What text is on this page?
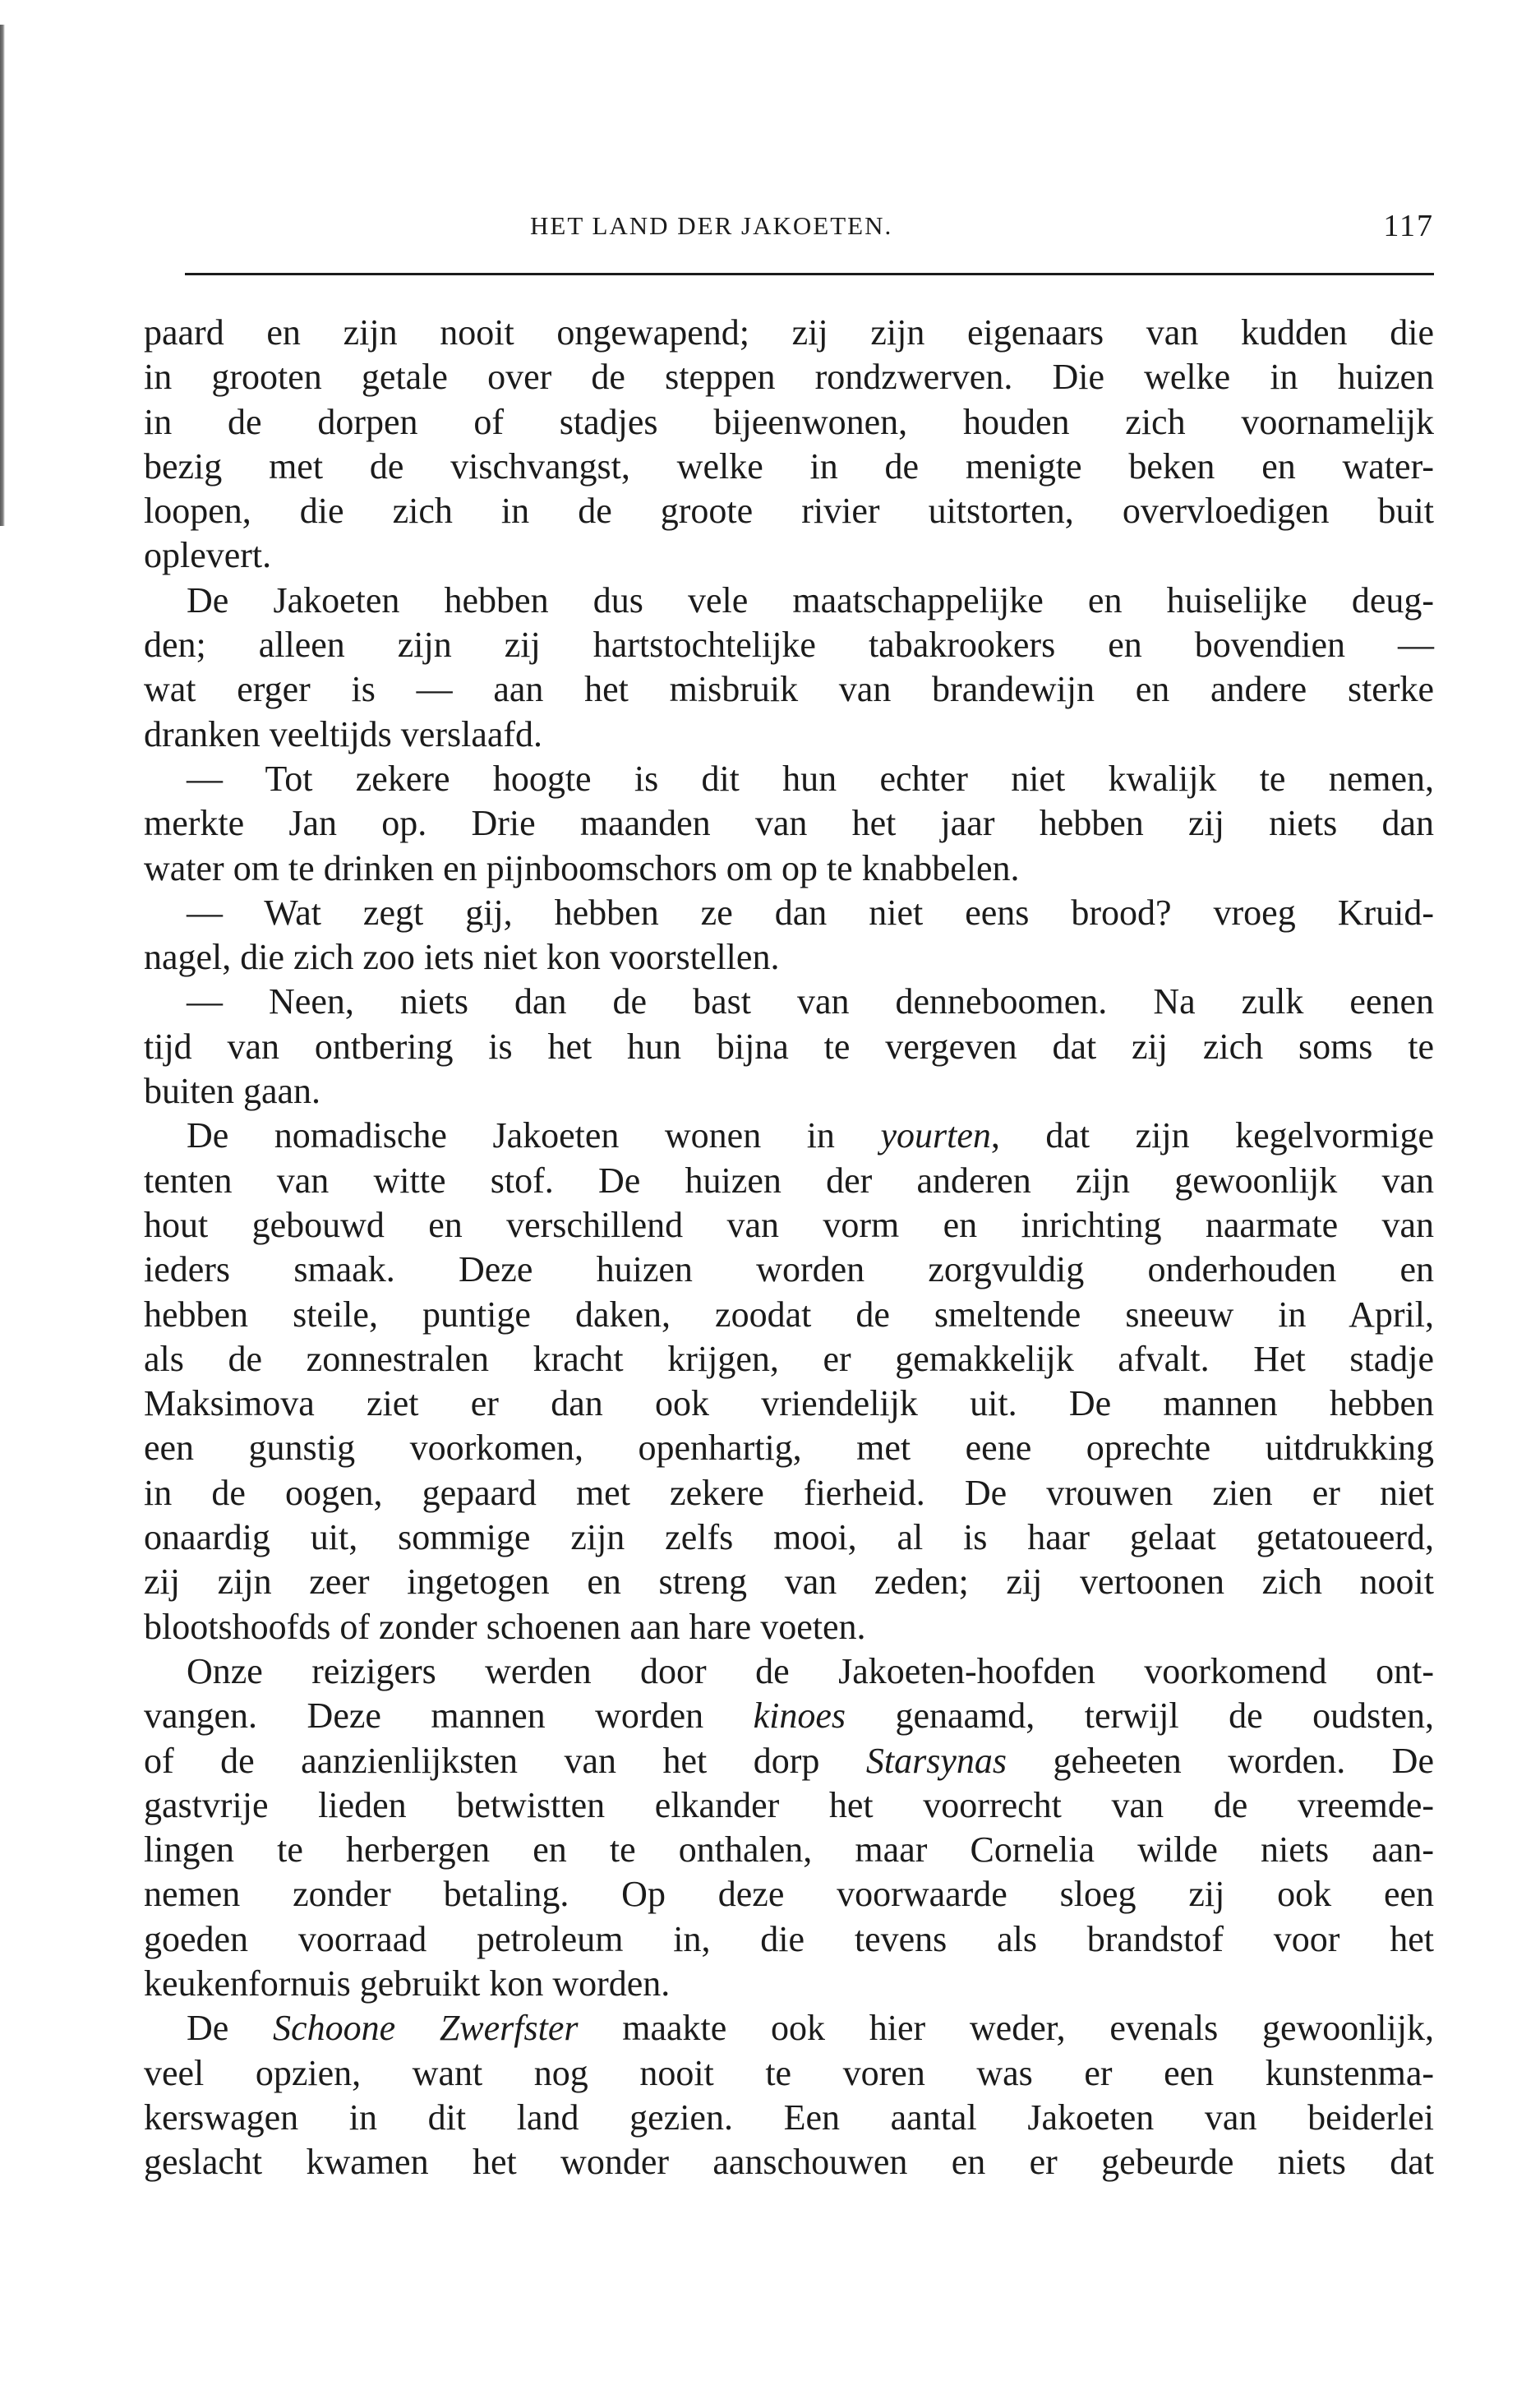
HET LAND DER JAKOETEN.	117
paard en zijn nooit ongewapend; zij zijn eigenaars van kudden die
in grooten getale over de steppen rondzwerven. Die welke in huizen
in de dorpen of stadjes bijeenwonen, houden zich voornamelijk
bezig met de vischvangst, welke in de menigte beken en water-
loopen, die zich in de groote rivier uitstorten, overvloedigen buit
oplevert.
De Jakoeten hebben dus vele maatschappelijke en huiselijke deug-
den; alleen zijn zij hartstochtelijke tabakrookers en bovendien —
wat erger is — aan het misbruik van brandewijn en andere sterke
dranken veeltijds verslaafd.
— Tot zekere hoogte is dit hun echter niet kwalijk te nemen,
merkte Jan op. Drie maanden van het jaar hebben zij niets dan
water om te drinken en pijnboomschors om op te knabbelen.
— Wat zegt gij, hebben ze dan niet eens brood? vroeg Kruid-
nagel, die zich zoo iets niet kon voorstellen.
— Neen, niets dan de bast van denneboomen. Na zulk eenen
tijd van ontbering is het hun bijna te vergeven dat zij zich soms te
buiten gaan.
De nomadische Jakoeten wonen in yourten, dat zijn kegelvormige
tenten van witte stof. De huizen der anderen zijn gewoonlijk van
hout gebouwd en verschillend van vorm en inrichting naarmate van
ieders smaak. Deze huizen worden zorgvuldig onderhouden en
hebben steile, puntige daken, zoodat de smeltende sneeuw in April,
als de zonnestralen kracht krijgen, er gemakkelijk afvalt. Het stadje
Maksimova ziet er dan ook vriendelijk uit. De mannen hebben
een gunstig voorkomen, openhartig, met eene oprechte uitdrukking
in de oogen, gepaard met zekere fierheid. De vrouwen zien er niet
onaardig uit, sommige zijn zelfs mooi, al is haar gelaat getatoueerd,
zij zijn zeer ingetogen en streng van zeden; zij vertoonen zich nooit
blootshoofds of zonder schoenen aan hare voeten.
Onze reizigers werden door de Jakoeten-hoofden voorkomend ont-
vangen. Deze mannen worden kinoes genaamd, terwijl de oudsten,
of de aanzienlijksten van het dorp Starsynas geheeten worden. De
gastvrije lieden betwistten elkander het voorrecht van de vreemde-
lingen te herbergen en te onthalen, maar Cornelia wilde niets aan-
nemen zonder betaling. Op deze voorwaarde sloeg zij ook een
goeden voorraad petroleum in, die tevens als brandstof voor het
keukenfornuis gebruikt kon worden.
De Schoone Zwerfster maakte ook hier weder, evenals gewoonlijk,
veel opzien, want nog nooit te voren was er een kunstenma-
kerswagen in dit land gezien. Een aantal Jakoeten van beiderlei
geslacht kwamen het wonder aanschouwen en er gebeurde niets dat
